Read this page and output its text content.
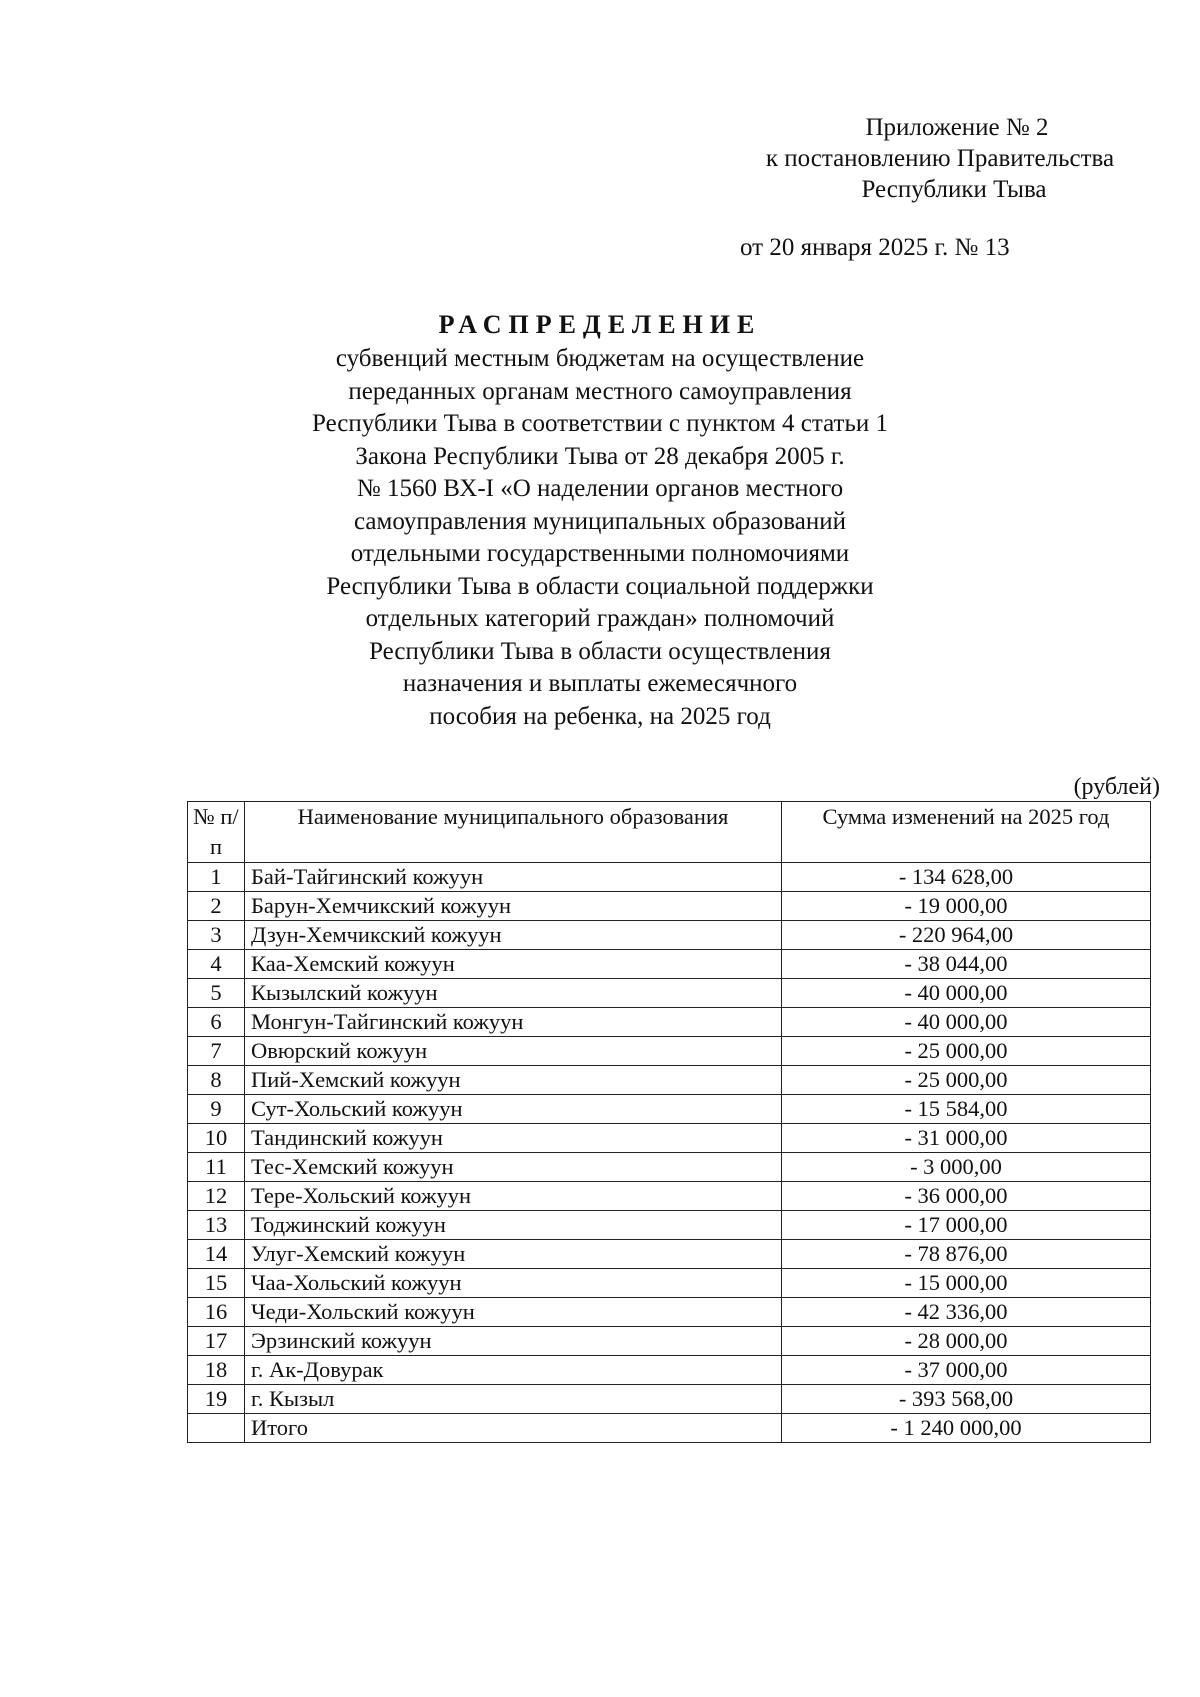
Приложение № 2
к постановлению Правительства
Республики Тыва
от 20 января 2025 г. № 13
РАСПРЕДЕЛЕНИЕ
субвенций местным бюджетам на осуществление
переданных органам местного самоуправления
Республики Тыва в соответствии с пунктом 4 статьи 1
Закона Республики Тыва от 28 декабря 2005 г.
№ 1560 ВХ-I «О наделении органов местного
самоуправления муниципальных образований
отдельными государственными полномочиями
Республики Тыва в области социальной поддержки
отдельных категорий граждан» полномочий
Республики Тыва в области осуществления
назначения и выплаты ежемесячного
пособия на ребенка, на 2025 год
(рублей)
№ п/п	Наименование муниципального образования	Сумма изменений на 2025 год
1	Бай-Тайгинский кожуун	- 134 628,00
2	Барун-Хемчикский кожуун	- 19 000,00
3	Дзун-Хемчикский кожуун	- 220 964,00
4	Каа-Хемский кожуун	- 38 044,00
5	Кызылский кожуун	- 40 000,00
6	Монгун-Тайгинский кожуун	- 40 000,00
7	Овюрский кожуун	- 25 000,00
8	Пий-Хемский кожуун	- 25 000,00
9	Сут-Хольский кожуун	- 15 584,00
10	Тандинский кожуун	- 31 000,00
11	Тес-Хемский кожуун	- 3 000,00
12	Тере-Хольский кожуун	- 36 000,00
13	Тоджинский кожуун	- 17 000,00
14	Улуг-Хемский кожуун	- 78 876,00
15	Чаа-Хольский кожуун	- 15 000,00
16	Чеди-Хольский кожуун	- 42 336,00
17	Эрзинский кожуун	- 28 000,00
18	г. Ак-Довурак	- 37 000,00
19	г. Кызыл	- 393 568,00
	Итого	- 1 240 000,00
